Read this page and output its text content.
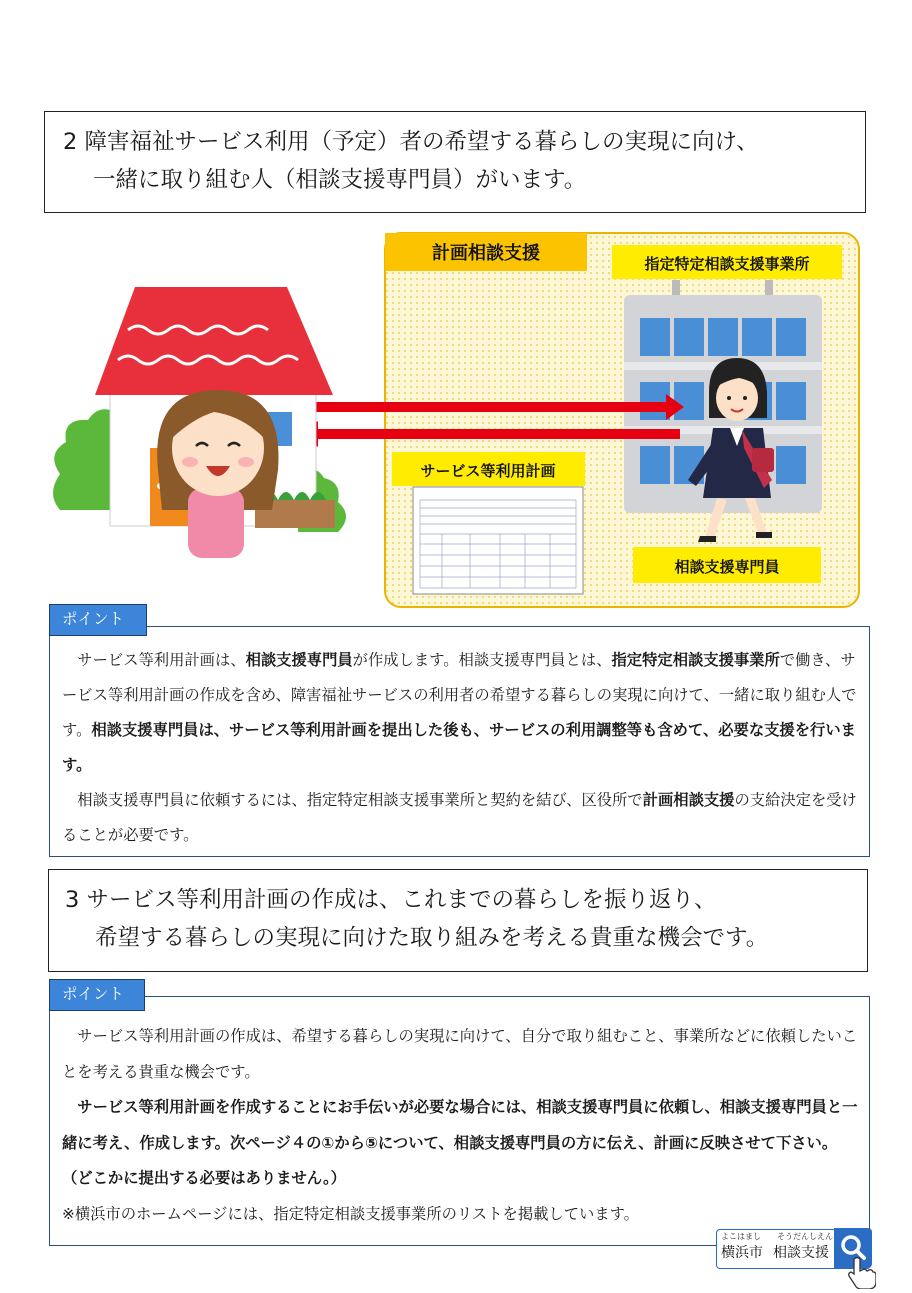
2 障害福祉サービス利用（予定）者の希望する暮らしの実現に向け、
一緒に取り組む人（相談支援専門員）がいます。
計画相談支援	指定特定相談支援事業所
相談支援専門員
サービス等利用計画
ポイント

サービス等利用計画は、相談支援専門員が作成します。相談支援専門員とは、指定特定相談支援事業所で働き、サービス等利用計画の作成を含め、障害福祉サービスの利用者の希望する暮らしの実現に向けて、一緒に取り組む人です。相談支援専門員は、サービス等利用計画を提出した後も、サービスの利用調整等も含めて、必要な支援を行います。

相談支援専門員に依頼するには、指定特定相談支援事業所と契約を結び、区役所で計画相談支援の支給決定を受けることが必要です。

3 サービス等利用計画の作成は、これまでの暮らしを振り返り、
希望する暮らしの実現に向けた取り組みを考える貴重な機会です。
ポイント

サービス等利用計画の作成は、希望する暮らしの実現に向けて、自分で取り組むこと、事業所などに依頼したいことを考える貴重な機会です。

サービス等利用計画を作成することにお手伝いが必要な場合には、相談支援専門員に依頼し、相談支援専門員と一緒に考え、作成します。次ページ４の①から⑤について、相談支援専門員の方に伝え、計画に反映させて下さい。（どこかに提出する必要はありません。）

※横浜市のホームページには、指定特定相談支援事業所のリストを掲載しています。

よこはまし
横浜市
そうだんしえん
相談支援
